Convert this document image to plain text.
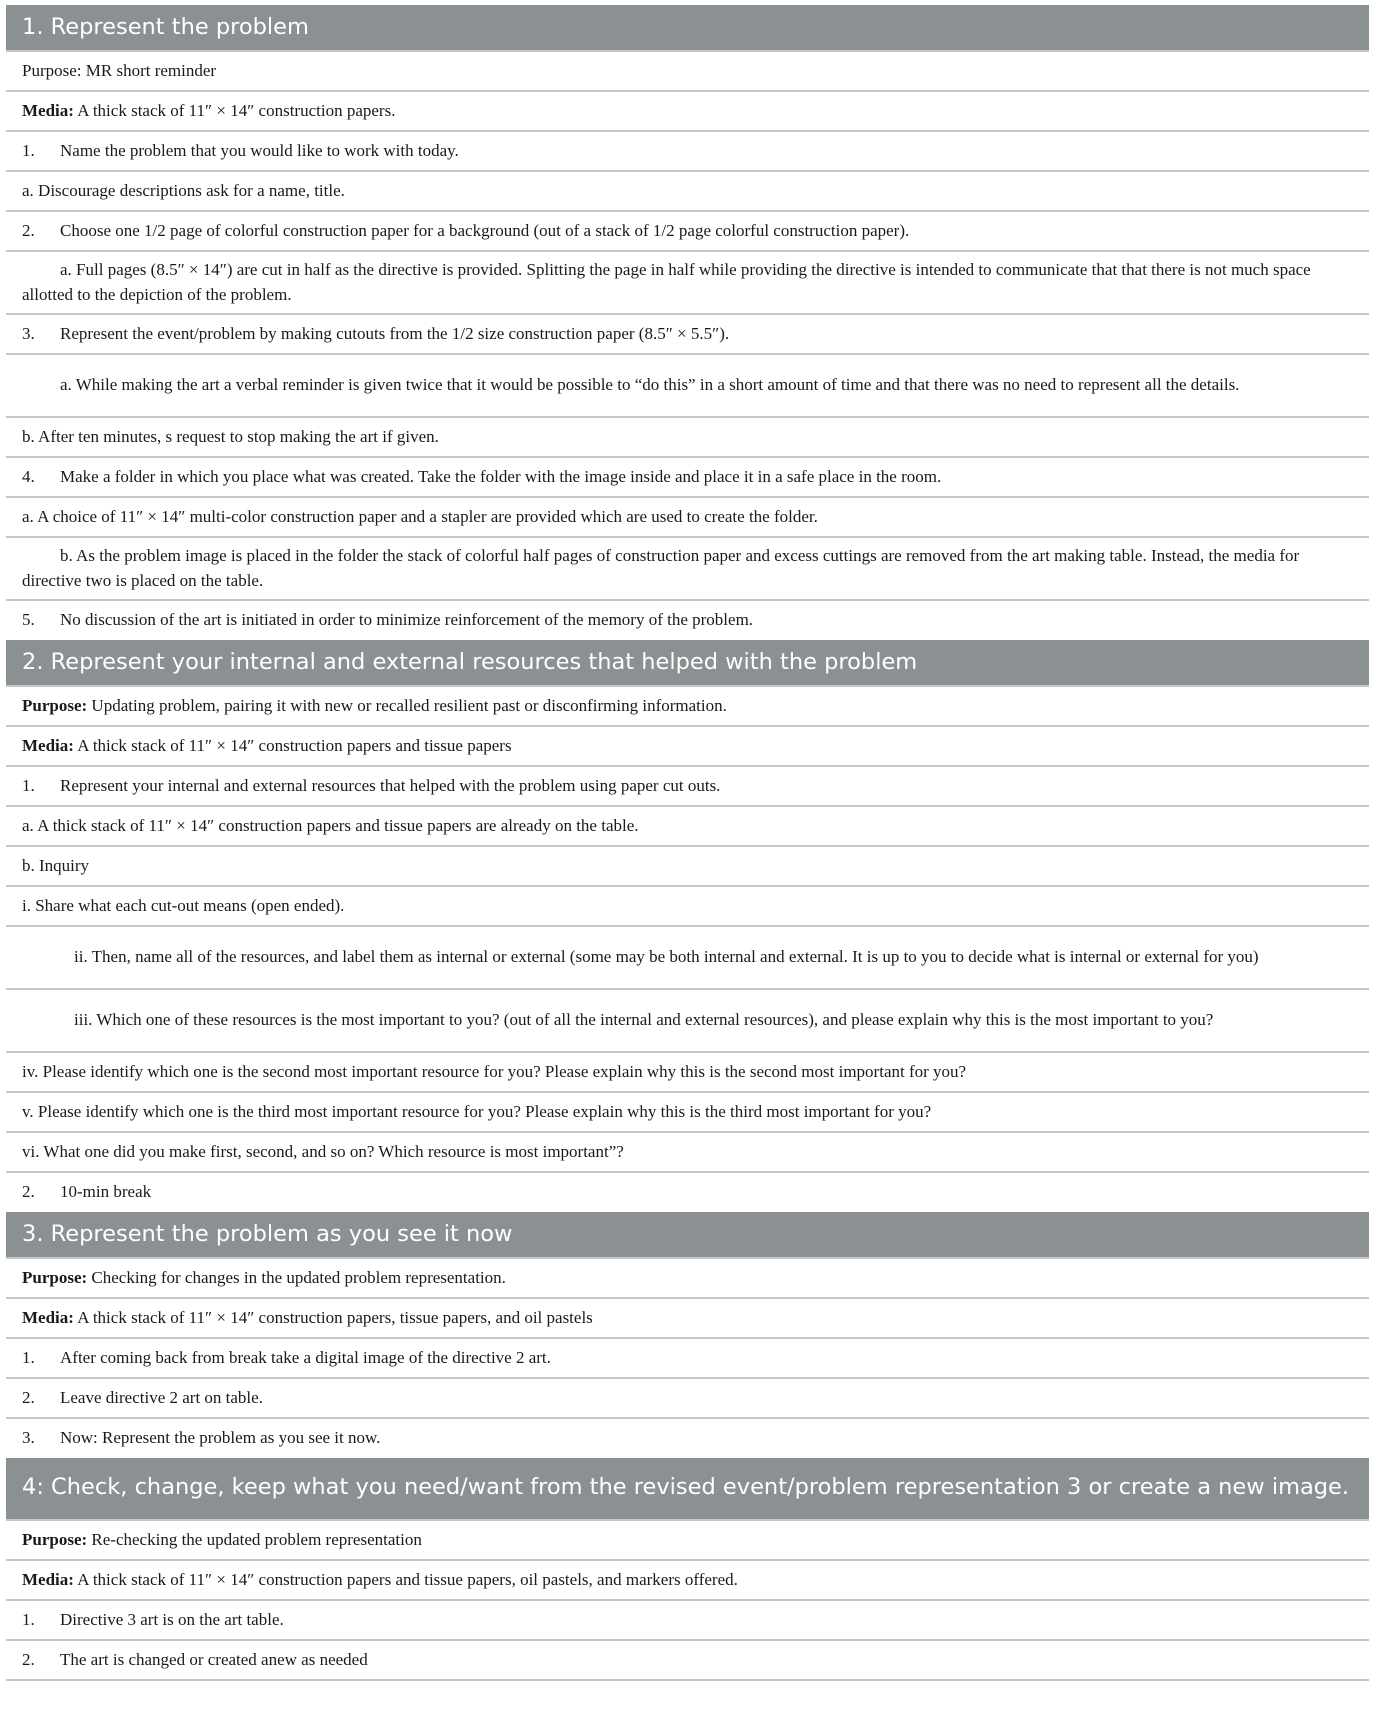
1. Represent the problem
Purpose: MR short reminder
Media: A thick stack of 11″ × 14″ construction papers.
1. Name the problem that you would like to work with today.
a. Discourage descriptions ask for a name, title.
2. Choose one 1/2 page of colorful construction paper for a background (out of a stack of 1/2 page colorful construction paper).
a. Full pages (8.5″ × 14″) are cut in half as the directive is provided. Splitting the page in half while providing the directive is intended to communicate that that there is not much space allotted to the depiction of the problem.
3. Represent the event/problem by making cutouts from the 1/2 size construction paper (8.5″ × 5.5″).
a. While making the art a verbal reminder is given twice that it would be possible to “do this” in a short amount of time and that there was no need to represent all the details.
b. After ten minutes, s request to stop making the art if given.
4. Make a folder in which you place what was created. Take the folder with the image inside and place it in a safe place in the room.
a. A choice of 11″ × 14″ multi-color construction paper and a stapler are provided which are used to create the folder.
b. As the problem image is placed in the folder the stack of colorful half pages of construction paper and excess cuttings are removed from the art making table. Instead, the media for directive two is placed on the table.
5. No discussion of the art is initiated in order to minimize reinforcement of the memory of the problem.
2. Represent your internal and external resources that helped with the problem
Purpose: Updating problem, pairing it with new or recalled resilient past or disconfirming information.
Media: A thick stack of 11″ × 14″ construction papers and tissue papers
1. Represent your internal and external resources that helped with the problem using paper cut outs.
a. A thick stack of 11″ × 14″ construction papers and tissue papers are already on the table.
b. Inquiry
i. Share what each cut-out means (open ended).
ii. Then, name all of the resources, and label them as internal or external (some may be both internal and external. It is up to you to decide what is internal or external for you)
iii. Which one of these resources is the most important to you? (out of all the internal and external resources), and please explain why this is the most important to you?
iv. Please identify which one is the second most important resource for you? Please explain why this is the second most important for you?
v. Please identify which one is the third most important resource for you? Please explain why this is the third most important for you?
vi. What one did you make first, second, and so on? Which resource is most important”?
2. 10-min break
3. Represent the problem as you see it now
Purpose: Checking for changes in the updated problem representation.
Media: A thick stack of 11″ × 14″ construction papers, tissue papers, and oil pastels
1. After coming back from break take a digital image of the directive 2 art.
2. Leave directive 2 art on table.
3. Now: Represent the problem as you see it now.
4: Check, change, keep what you need/want from the revised event/problem representation 3 or create a new image.
Purpose: Re-checking the updated problem representation
Media: A thick stack of 11″ × 14″ construction papers and tissue papers, oil pastels, and markers offered.
1. Directive 3 art is on the art table.
2. The art is changed or created anew as needed
